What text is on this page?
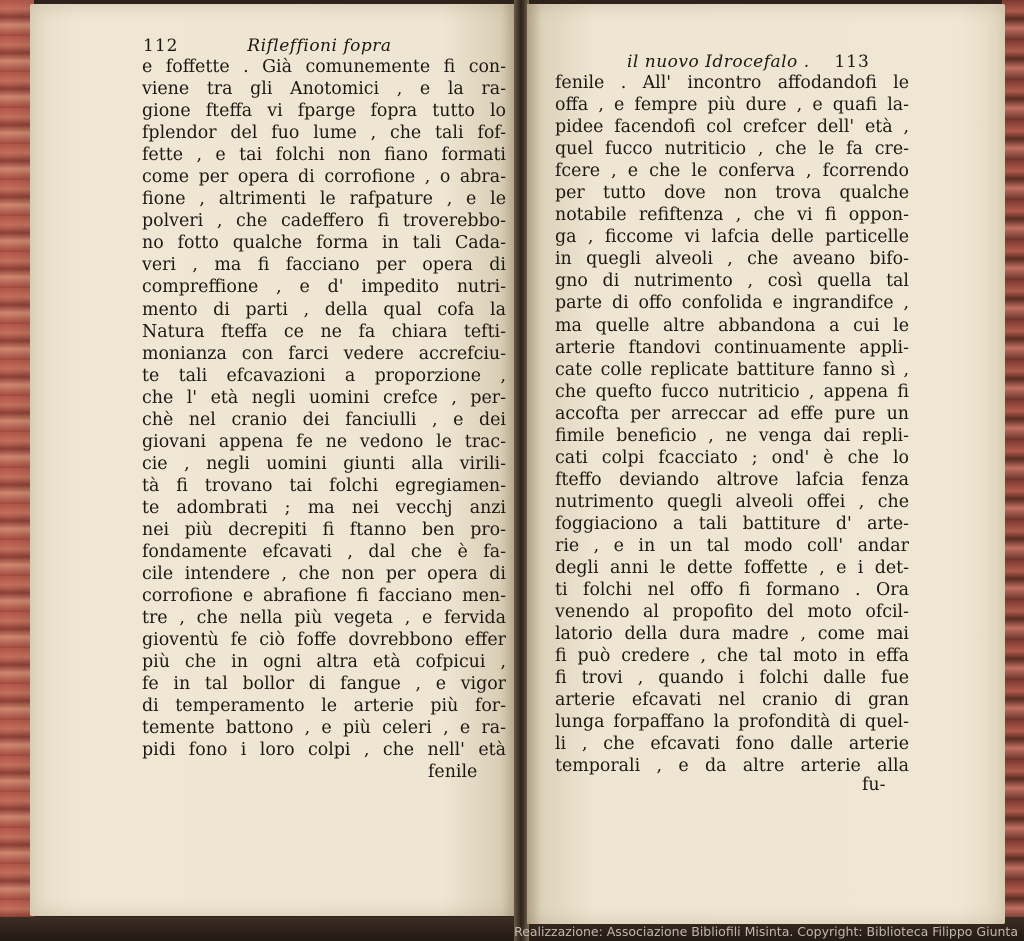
112	Rifleffioni fopra
e foffette . Già comunemente fi con-
viene tra gli Anotomici , e la ra-
gione fteffa vi fparge fopra tutto lo
fplendor del fuo lume , che tali fof-
fette , e tai folchi non fiano formati
come per opera di corrofione , o abra-
fione , altrimenti le rafpature , e le
polveri , che cadeffero fi troverebbo-
no fotto qualche forma in tali Cada-
veri , ma fi facciano per opera di
compreffione , e d' impedito nutri-
mento di parti , della qual cofa la
Natura fteffa ce ne fa chiara tefti-
monianza con farci vedere accrefciu-
te tali efcavazioni a proporzione ,
che l' età negli uomini crefce , per-
chè nel cranio dei fanciulli , e dei
giovani appena fe ne vedono le trac-
cie , negli uomini giunti alla virili-
tà fi trovano tai folchi egregiamen-
te adombrati ; ma nei vecchj anzi
nei più decrepiti fi ftanno ben pro-
fondamente efcavati , dal che è fa-
cile intendere , che non per opera di
corrofione e abrafione fi facciano men-
tre , che nella più vegeta , e fervida
gioventù fe ciò foffe dovrebbono effer
più che in ogni altra età cofpicui ,
fe in tal bollor di fangue , e vigor
di temperamento le arterie più for-
temente battono , e più celeri , e ra-
pidi fono i loro colpi , che nell' età
fenile
il nuovo Idrocefalo . 113
fenile . All' incontro affodandofi le
offa , e fempre più dure , e quafi la-
pidee facendofi col crefcer dell' età ,
quel fucco nutriticio , che le fa cre-
fcere , e che le conferva , fcorrendo
per tutto dove non trova qualche
notabile refiftenza , che vi fi oppon-
ga , ficcome vi lafcia delle particelle
in quegli alveoli , che aveano bifo-
gno di nutrimento , così quella tal
parte di offo confolida e ingrandifce ,
ma quelle altre abbandona a cui le
arterie ftandovi continuamente appli-
cate colle replicate battiture fanno sì ,
che quefto fucco nutriticio , appena fi
accofta per arreccar ad effe pure un
fimile beneficio , ne venga dai repli-
cati colpi fcacciato ; ond' è che lo
fteffo deviando altrove lafcia fenza
nutrimento quegli alveoli offei , che
foggiaciono a tali battiture d' arte-
rie , e in un tal modo coll' andar
degli anni le dette foffette , e i det-
ti folchi nel offo fi formano . Ora
venendo al propofito del moto ofcil-
latorio della dura madre , come mai
fi può credere , che tal moto in effa
fi trovi , quando i folchi dalle fue
arterie efcavati nel cranio di gran
lunga forpaffano la profondità di quel-
li , che efcavati fono dalle arterie
temporali , e da altre arterie alla
fu-
Realizzazione: Associazione Bibliofili Misinta. Copyright: Biblioteca Filippo Giunta
